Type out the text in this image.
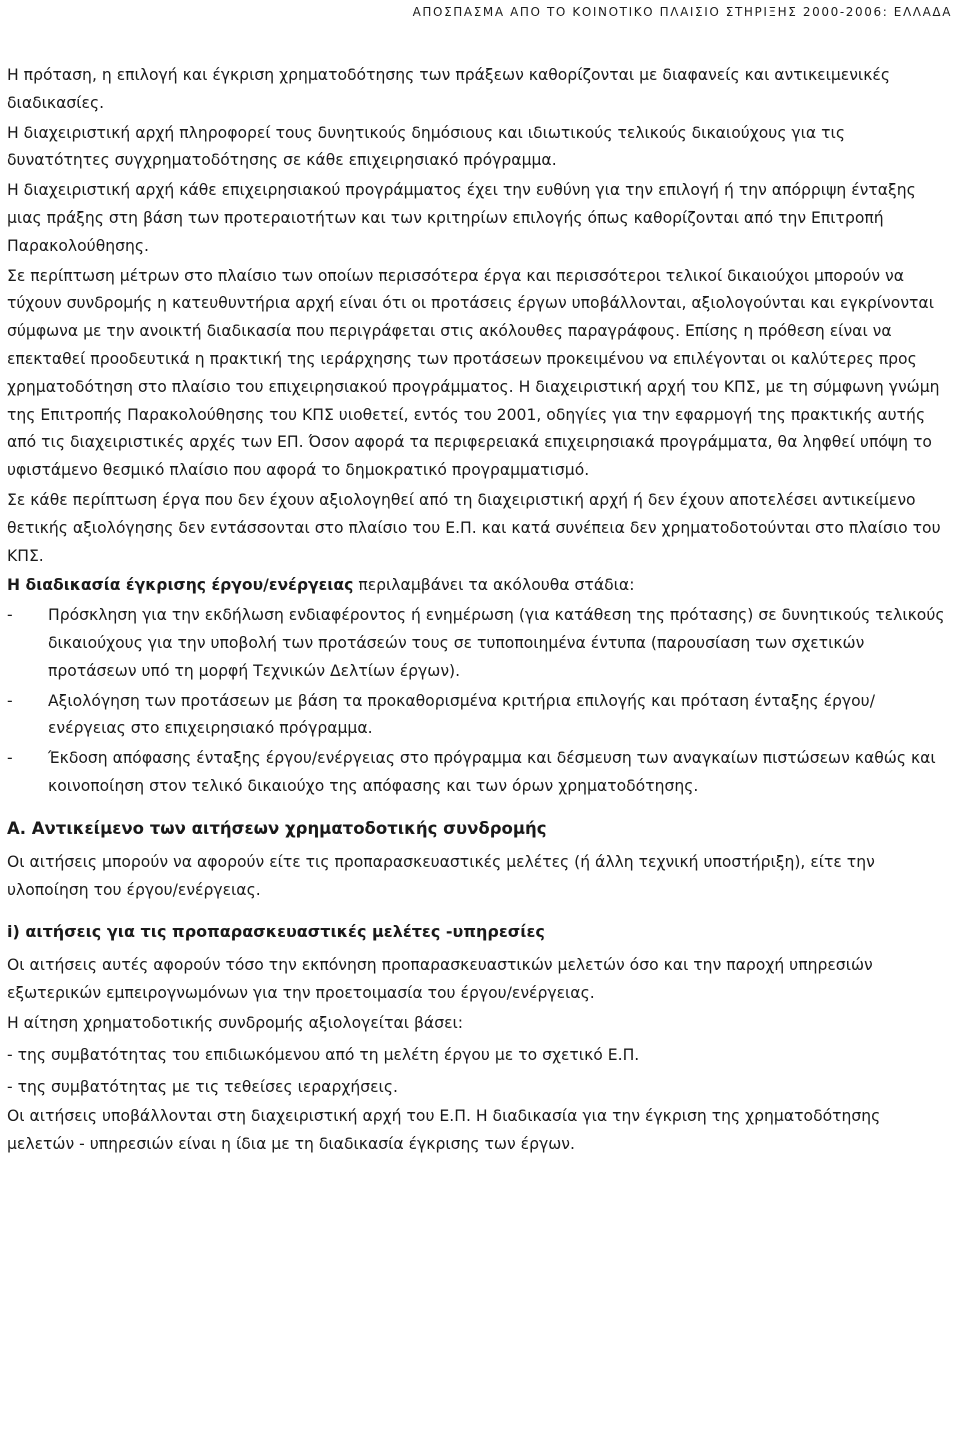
ΑΠΟΣΠΑΣΜΑ ΑΠΟ ΤΟ ΚΟΙΝΟΤΙΚΟ ΠΛΑΙΣΙΟ ΣΤΗΡΙΞΗΣ 2000-2006: ΕΛΛΑΔΑ

Η πρόταση, η επιλογή και έγκριση χρηματοδότησης των πράξεων καθορίζονται με διαφανείς και αντικειμενικές διαδικασίες.

Η διαχειριστική αρχή πληροφορεί τους δυνητικούς δημόσιους και ιδιωτικούς τελικούς δικαιούχους για τις δυνατότητες συγχρηματοδότησης σε κάθε επιχειρησιακό πρόγραμμα.

Η διαχειριστική αρχή κάθε επιχειρησιακού προγράμματος έχει την ευθύνη για την επιλογή ή την απόρριψη ένταξης μιας πράξης στη βάση των προτεραιοτήτων και των κριτηρίων επιλογής όπως καθορίζονται από την Επιτροπή Παρακολούθησης.

Σε περίπτωση μέτρων στο πλαίσιο των οποίων περισσότερα έργα και περισσότεροι τελικοί δικαιούχοι μπορούν να τύχουν συνδρομής η κατευθυντήρια αρχή είναι ότι οι προτάσεις έργων υποβάλλονται, αξιολογούνται και εγκρίνονται σύμφωνα με την ανοικτή διαδικασία που περιγράφεται στις ακόλουθες παραγράφους. Επίσης η πρόθεση είναι να επεκταθεί προοδευτικά η πρακτική της ιεράρχησης των προτάσεων προκειμένου να επιλέγονται οι καλύτερες προς χρηματοδότηση στο πλαίσιο του επιχειρησιακού προγράμματος. Η διαχειριστική αρχή του ΚΠΣ, με τη σύμφωνη γνώμη της Επιτροπής Παρακολούθησης του ΚΠΣ υιοθετεί, εντός του 2001, οδηγίες για την εφαρμογή της πρακτικής αυτής από τις διαχειριστικές αρχές των ΕΠ. Όσον αφορά τα περιφερειακά επιχειρησιακά προγράμματα, θα ληφθεί υπόψη το υφιστάμενο θεσμικό πλαίσιο που αφορά το δημοκρατικό προγραμματισμό.

Σε κάθε περίπτωση έργα που δεν έχουν αξιολογηθεί από τη διαχειριστική αρχή ή δεν έχουν αποτελέσει αντικείμενο θετικής αξιολόγησης δεν εντάσσονται στο πλαίσιο του Ε.Π. και κατά συνέπεια δεν χρηματοδοτούνται στο πλαίσιο του ΚΠΣ.

Η διαδικασία έγκρισης έργου/ενέργειας περιλαμβάνει τα ακόλουθα στάδια:

- Πρόσκληση για την εκδήλωση ενδιαφέροντος ή ενημέρωση (για κατάθεση της πρότασης) σε δυνητικούς τελικούς δικαιούχους για την υποβολή των προτάσεών τους σε τυποποιημένα έντυπα (παρουσίαση των σχετικών προτάσεων υπό τη μορφή Τεχνικών Δελτίων έργων).
- Αξιολόγηση των προτάσεων με βάση τα προκαθορισμένα κριτήρια επιλογής και πρόταση ένταξης έργου/ενέργειας στο επιχειρησιακό πρόγραμμα.
- Έκδοση απόφασης ένταξης έργου/ενέργειας στο πρόγραμμα και δέσμευση των αναγκαίων πιστώσεων καθώς και κοινοποίηση στον τελικό δικαιούχο της απόφασης και των όρων χρηματοδότησης.
Α. Αντικείμενο των αιτήσεων χρηματοδοτικής συνδρομής

Οι αιτήσεις μπορούν να αφορούν είτε τις προπαρασκευαστικές μελέτες (ή άλλη τεχνική υποστήριξη), είτε την υλοποίηση του έργου/ενέργειας.

i) αιτήσεις για τις προπαρασκευαστικές μελέτες -υπηρεσίες

Οι αιτήσεις αυτές αφορούν τόσο την εκπόνηση προπαρασκευαστικών μελετών όσο και την παροχή υπηρεσιών εξωτερικών εμπειρογνωμόνων για την προετοιμασία του έργου/ενέργειας.

Η αίτηση χρηματοδοτικής συνδρομής αξιολογείται βάσει:

- της συμβατότητας του επιδιωκόμενου από τη μελέτη έργου με το σχετικό Ε.Π.
- της συμβατότητας με τις τεθείσες ιεραρχήσεις.

Οι αιτήσεις υποβάλλονται στη διαχειριστική αρχή του Ε.Π. Η διαδικασία για την έγκριση της χρηματοδότησης μελετών - υπηρεσιών είναι η ίδια με τη διαδικασία έγκρισης των έργων.
